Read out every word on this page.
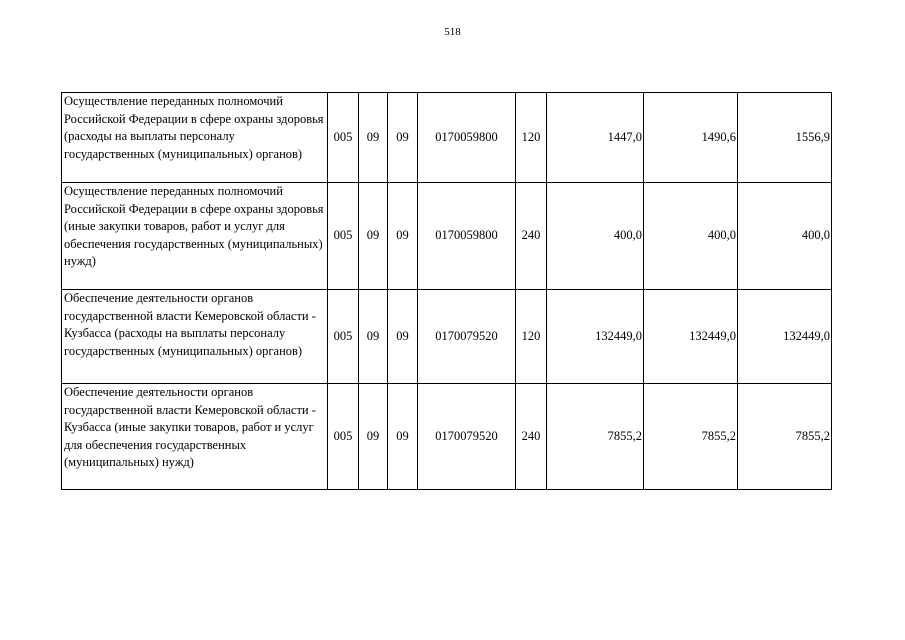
518
Осуществление переданных полномочий Российской Федерации в сфере охраны здоровья (расходы на выплаты персоналу государственных (муниципальных) органов)	005	09	09	0170059800	120	1447,0	1490,6	1556,9
Осуществление переданных полномочий Российской Федерации в сфере охраны здоровья (иные закупки товаров, работ и услуг для обеспечения государственных (муниципальных) нужд)	005	09	09	0170059800	240	400,0	400,0	400,0
Обеспечение деятельности органов государственной власти Кемеровской области - Кузбасса (расходы на выплаты персоналу государственных (муниципальных) органов)	005	09	09	0170079520	120	132449,0	132449,0	132449,0
Обеспечение деятельности органов государственной власти Кемеровской области - Кузбасса (иные закупки товаров, работ и услуг для обеспечения государственных (муниципальных) нужд)	005	09	09	0170079520	240	7855,2	7855,2	7855,2
